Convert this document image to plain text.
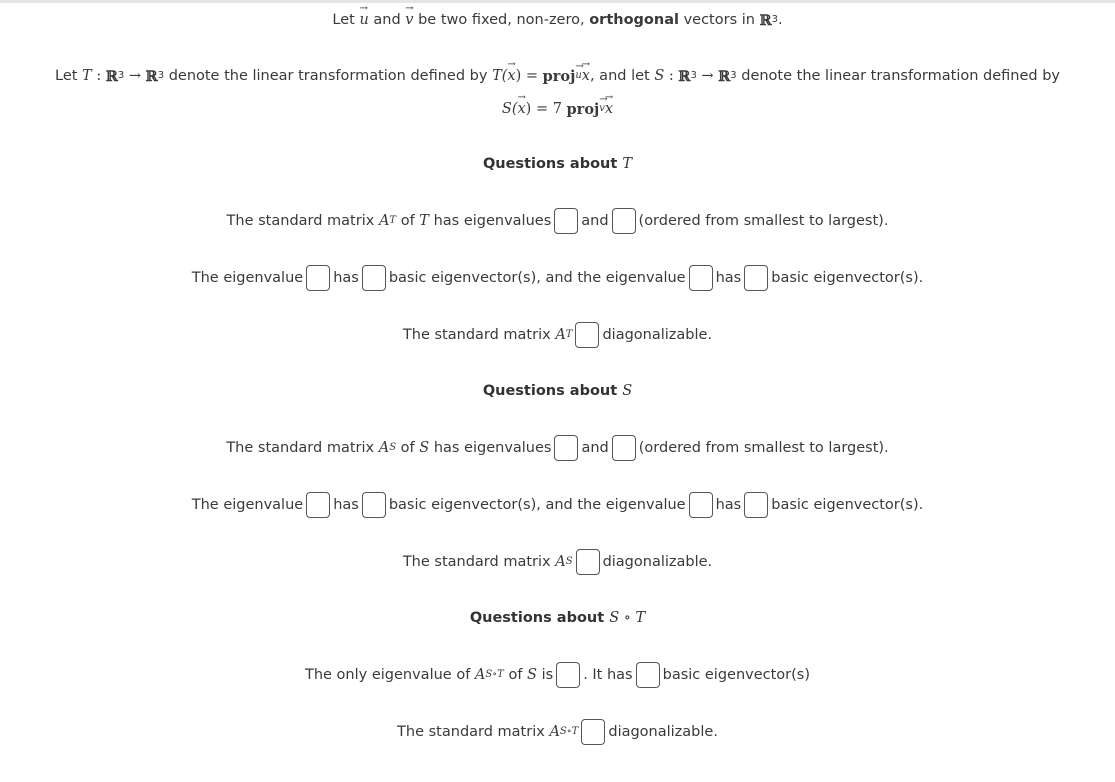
Let
→ u
and
→ v
be two fixed, non-zero,
orthogonal
vectors in
ℝ 3 .
Let
T
:
ℝ 3
→
ℝ 3
denote the linear transformation defined by
T( → x ) =
proj u → x , and let
S
:
ℝ 3
→
ℝ 3
denote the linear transformation defined by
S( → x ) =
7
proj v → x
Questions about
T
The standard matrix
A T
of
T
has eigenvalues and (ordered from smallest to largest).
The eigenvalue has basic eigenvector(s), and the eigenvalue has basic eigenvector(s).
The standard matrix
A T diagonalizable.
Questions about
S
The standard matrix
A S
of
S
has eigenvalues and (ordered from smallest to largest).
The eigenvalue has basic eigenvector(s), and the eigenvalue has basic eigenvector(s).
The standard matrix
A S diagonalizable.
Questions about
S ∘ T
The only eigenvalue of
A S∘T
of
S
is . It has basic eigenvector(s)
The standard matrix
A S∘T diagonalizable.
